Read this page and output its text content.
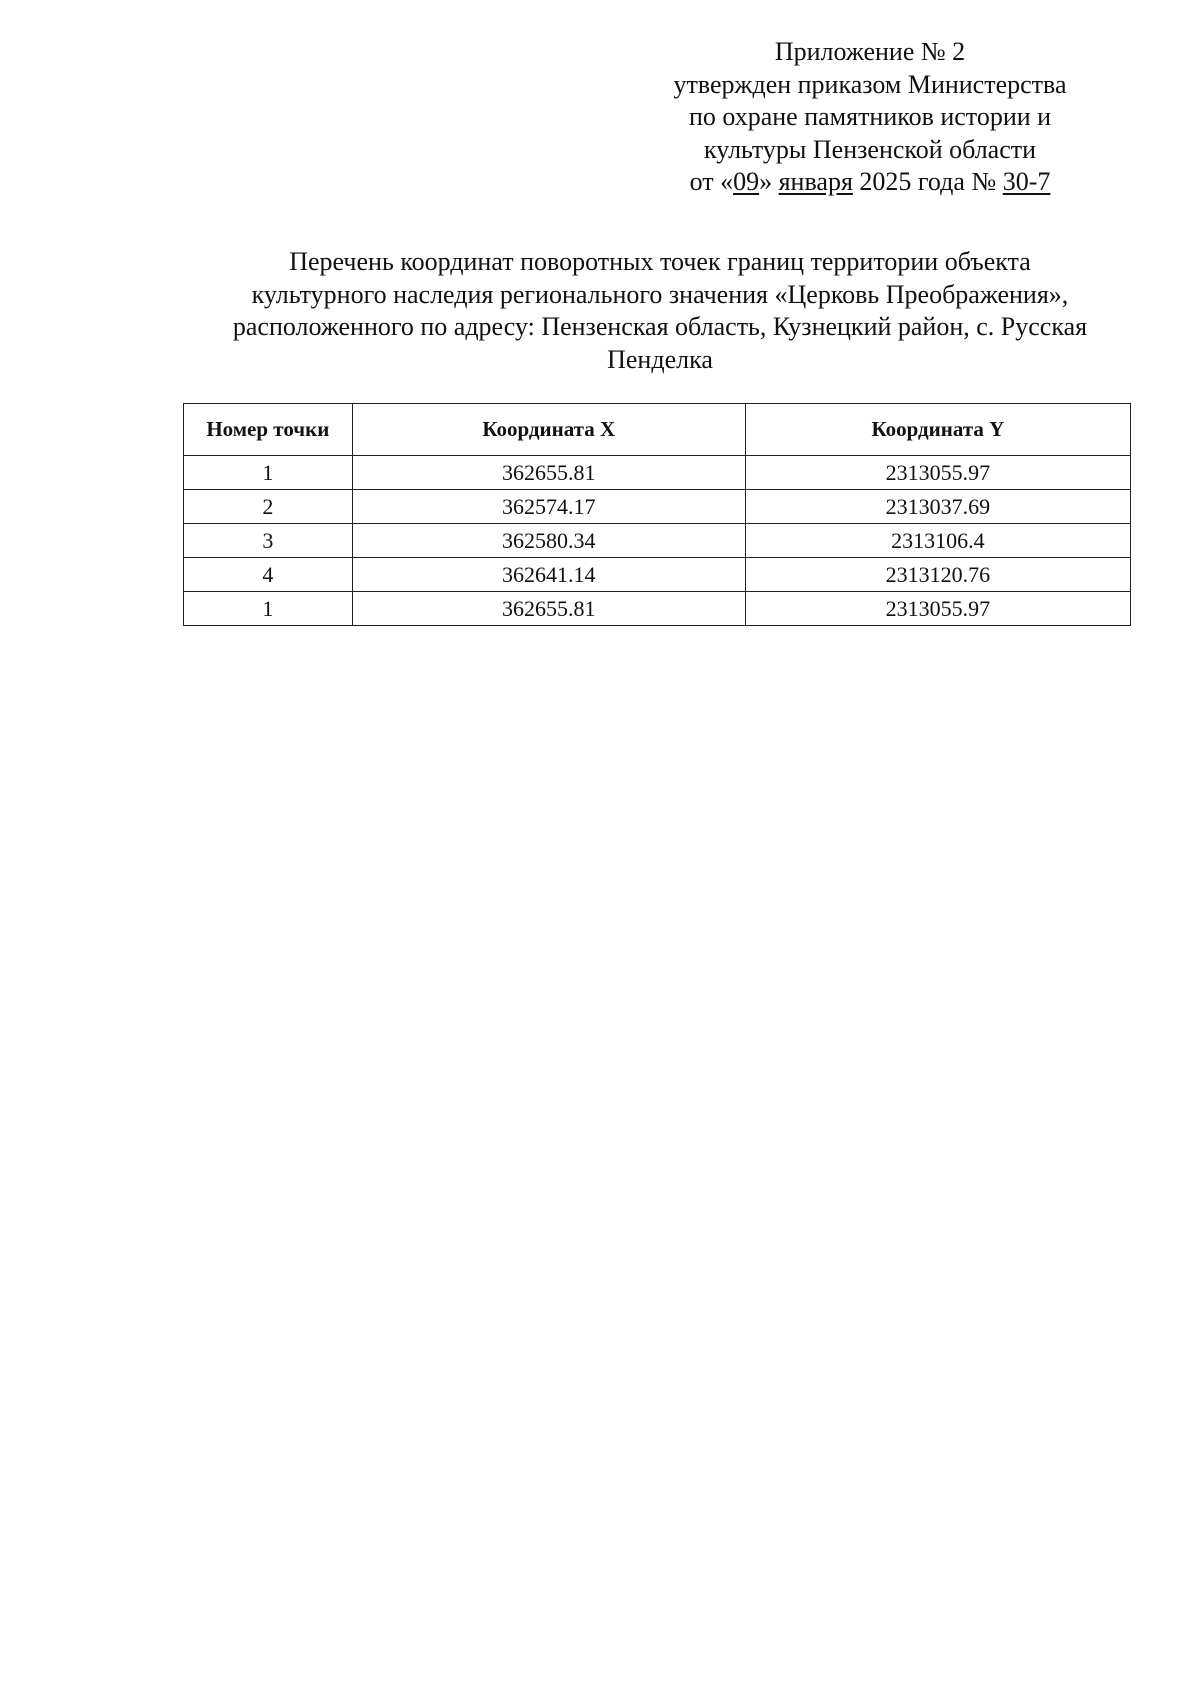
Приложение № 2
утвержден приказом Министерства
по охране памятников истории и
культуры Пензенской области
от «09» января 2025 года № 30-7
Перечень координат поворотных точек границ территории объекта
культурного наследия регионального значения «Церковь Преображения»,
расположенного по адресу: Пензенская область, Кузнецкий район, с. Русская
Пенделка
Номер точки	Координата X	Координата Y
1	362655.81	2313055.97
2	362574.17	2313037.69
3	362580.34	2313106.4
4	362641.14	2313120.76
1	362655.81	2313055.97
